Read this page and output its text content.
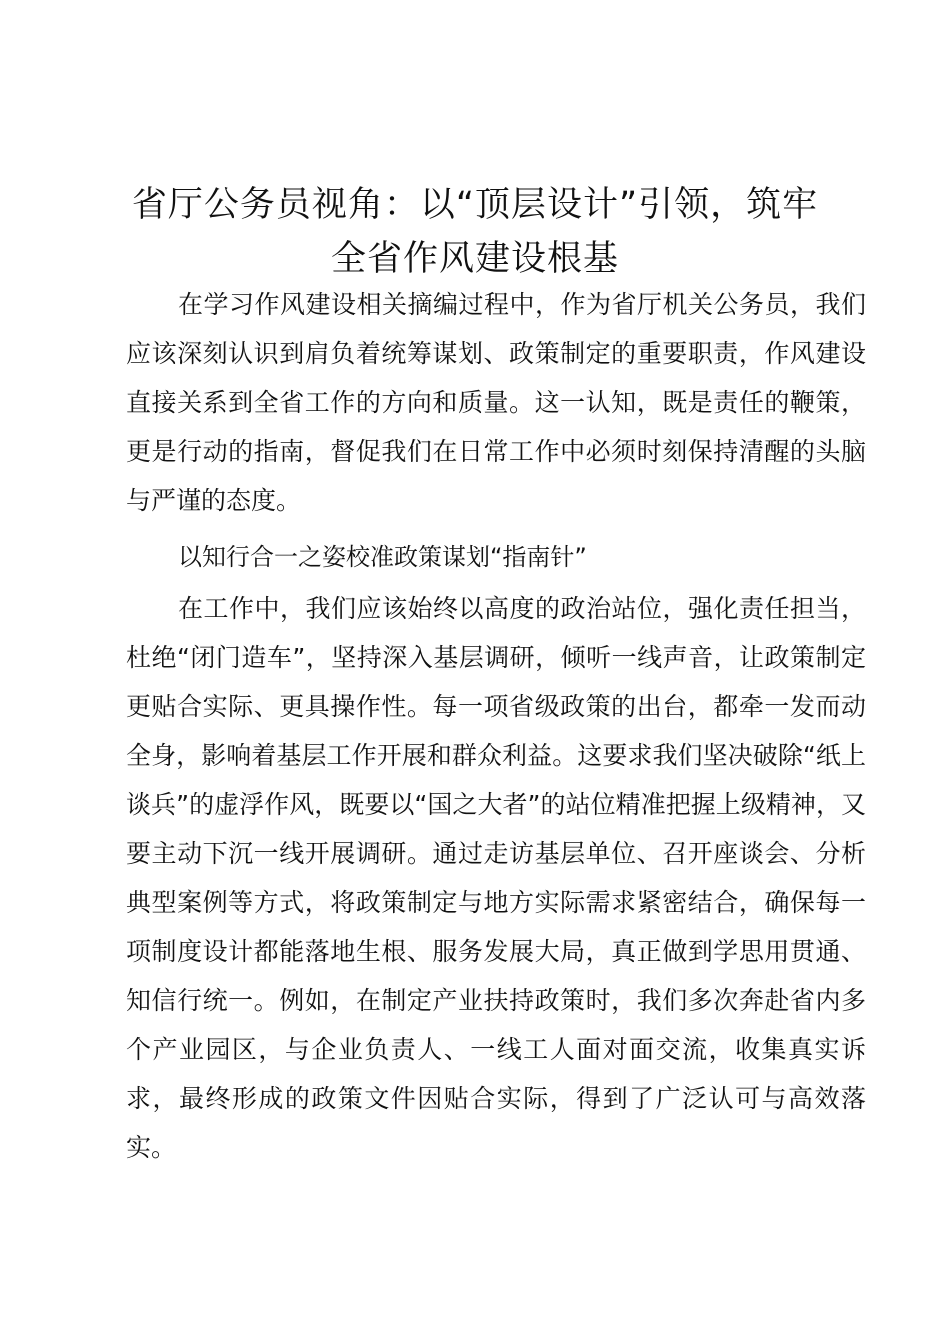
省厅公务员视角：以“顶层设计”引领，筑牢
全省作风建设根基

在学习作风建设相关摘编过程中，作为省厅机关公务员，我们应该深刻认识到肩负着统筹谋划、政策制定的重要职责，作风建设直接关系到全省工作的方向和质量。这一认知，既是责任的鞭策，更是行动的指南，督促我们在日常工作中必须时刻保持清醒的头脑与严谨的态度。

以知行合一之姿校准政策谋划“指南针”

在工作中，我们应该始终以高度的政治站位，强化责任担当，杜绝“闭门造车”，坚持深入基层调研，倾听一线声音，让政策制定更贴合实际、更具操作性。每一项省级政策的出台，都牵一发而动全身，影响着基层工作开展和群众利益。这要求我们坚决破除“纸上谈兵”的虚浮作风，既要以“国之大者”的站位精准把握上级精神，又要主动下沉一线开展调研。通过走访基层单位、召开座谈会、分析典型案例等方式，将政策制定与地方实际需求紧密结合，确保每一项制度设计都能落地生根、服务发展大局，真正做到学思用贯通、知信行统一。例如，在制定产业扶持政策时，我们多次奔赴省内多个产业园区，与企业负责人、一线工人面对面交流，收集真实诉求，最终形成的政策文件因贴合实际，得到了广泛认可与高效落实。
